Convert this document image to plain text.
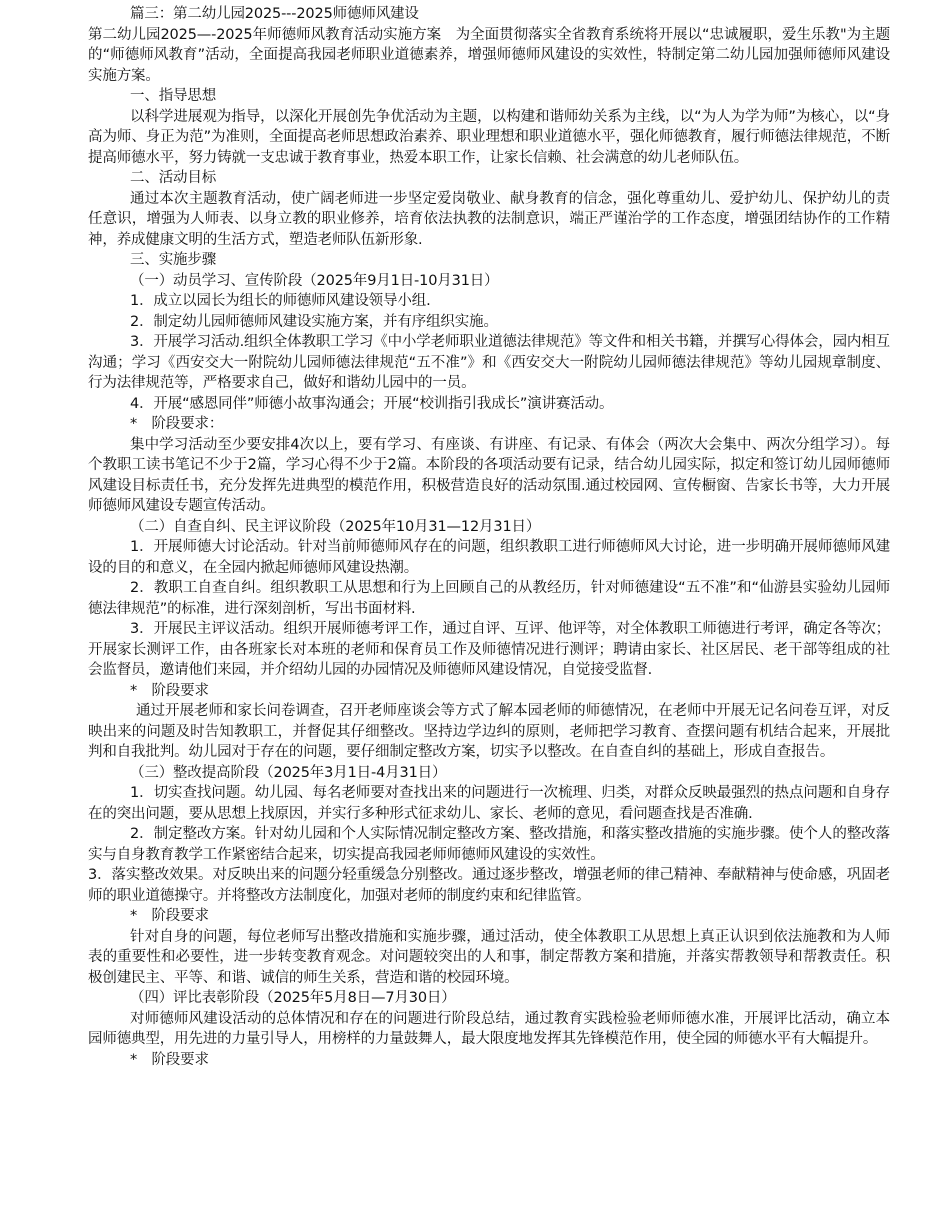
篇三：第二幼儿园2025---2025师德师风建设

第二幼儿园2025—-2025年师德师风教育活动实施方案　为全面贯彻落实全省教育系统将开展以“忠诚履职，爱生乐教"为主题的“师德师风教育”活动，全面提高我园老师职业道德素养，增强师德师风建设的实效性，特制定第二幼儿园加强师德师风建设实施方案。

一、指导思想

以科学进展观为指导，以深化开展创先争优活动为主题，以构建和谐师幼关系为主线，以“为人为学为师”为核心，以“身高为师、身正为范”为准则，全面提高老师思想政治素养、职业理想和职业道德水平，强化师德教育，履行师德法律规范，不断提高师德水平，努力铸就一支忠诚于教育事业，热爱本职工作，让家长信赖、社会满意的幼儿老师队伍。

二、活动目标

通过本次主题教育活动，使广阔老师进一步坚定爱岗敬业、献身教育的信念，强化尊重幼儿、爱护幼儿、保护幼儿的责任意识，增强为人师表、以身立教的职业修养，培育依法执教的法制意识，端正严谨治学的工作态度，增强团结协作的工作精神，养成健康文明的生活方式，塑造老师队伍新形象.

三、实施步骤

（一）动员学习、宣传阶段（2025年9月1日-10月31日）

1．成立以园长为组长的师德师风建设领导小组.

2．制定幼儿园师德师风建设实施方案，并有序组织实施。

3．开展学习活动.组织全体教职工学习《中小学老师职业道德法律规范》等文件和相关书籍，并撰写心得体会，园内相互沟通；学习《西安交大一附院幼儿园师德法律规范“五不准”》和《西安交大一附院幼儿园师德法律规范》等幼儿园规章制度、行为法律规范等，严格要求自己，做好和谐幼儿园中的一员。

4．开展“感恩同伴”师德小故事沟通会；开展“校训指引我成长”演讲赛活动。

*　阶段要求：

集中学习活动至少要安排4次以上，要有学习、有座谈、有讲座、有记录、有体会（两次大会集中、两次分组学习）。每个教职工读书笔记不少于2篇，学习心得不少于2篇。本阶段的各项活动要有记录，结合幼儿园实际，拟定和签订幼儿园师德师风建设目标责任书，充分发挥先进典型的模范作用，积极营造良好的活动氛围.通过校园网、宣传橱窗、告家长书等，大力开展师德师风建设专题宣传活动。

（二）自查自纠、民主评议阶段（2025年10月31—12月31日）

1．开展师德大讨论活动。针对当前师德师风存在的问题，组织教职工进行师德师风大讨论，进一步明确开展师德师风建设的目的和意义，在全园内掀起师德师风建设热潮。

2．教职工自查自纠。组织教职工从思想和行为上回顾自己的从教经历，针对师德建设“五不准”和“仙游县实验幼儿园师德法律规范”的标准，进行深刻剖析，写出书面材料.

3．开展民主评议活动。组织开展师德考评工作，通过自评、互评、他评等，对全体教职工师德进行考评，确定各等次；开展家长测评工作，由各班家长对本班的老师和保育员工作及师德情况进行测评；聘请由家长、社区居民、老干部等组成的社会监督员，邀请他们来园，并介绍幼儿园的办园情况及师德师风建设情况，自觉接受监督.

*　阶段要求

通过开展老师和家长问卷调查，召开老师座谈会等方式了解本园老师的师德情况，在老师中开展无记名问卷互评，对反映出来的问题及时告知教职工，并督促其仔细整改。坚持边学边纠的原则，老师把学习教育、查摆问题有机结合起来，开展批判和自我批判。幼儿园对于存在的问题，要仔细制定整改方案，切实予以整改。在自查自纠的基础上，形成自查报告。

（三）整改提高阶段（2025年3月1日-4月31日）

1．切实查找问题。幼儿园、每名老师要对查找出来的问题进行一次梳理、归类，对群众反映最强烈的热点问题和自身存在的突出问题，要从思想上找原因，并实行多种形式征求幼儿、家长、老师的意见，看问题查找是否准确.

2．制定整改方案。针对幼儿园和个人实际情况制定整改方案、整改措施，和落实整改措施的实施步骤。使个人的整改落实与自身教育教学工作紧密结合起来，切实提高我园老师师德师风建设的实效性。

3．落实整改效果。对反映出来的问题分轻重缓急分别整改。通过逐步整改，增强老师的律己精神、奉献精神与使命感，巩固老师的职业道德操守。并将整改方法制度化，加强对老师的制度约束和纪律监管。

*　阶段要求

针对自身的问题，每位老师写出整改措施和实施步骤，通过活动，使全体教职工从思想上真正认识到依法施教和为人师表的重要性和必要性，进一步转变教育观念。对问题较突出的人和事，制定帮教方案和措施，并落实帮教领导和帮教责任。积极创建民主、平等、和谐、诚信的师生关系，营造和谐的校园环境。

（四）评比表彰阶段（2025年5月8日—7月30日）

对师德师风建设活动的总体情况和存在的问题进行阶段总结，通过教育实践检验老师师德水准，开展评比活动，确立本园师德典型，用先进的力量引导人，用榜样的力量鼓舞人，最大限度地发挥其先锋模范作用，使全园的师德水平有大幅提升。

*　阶段要求
